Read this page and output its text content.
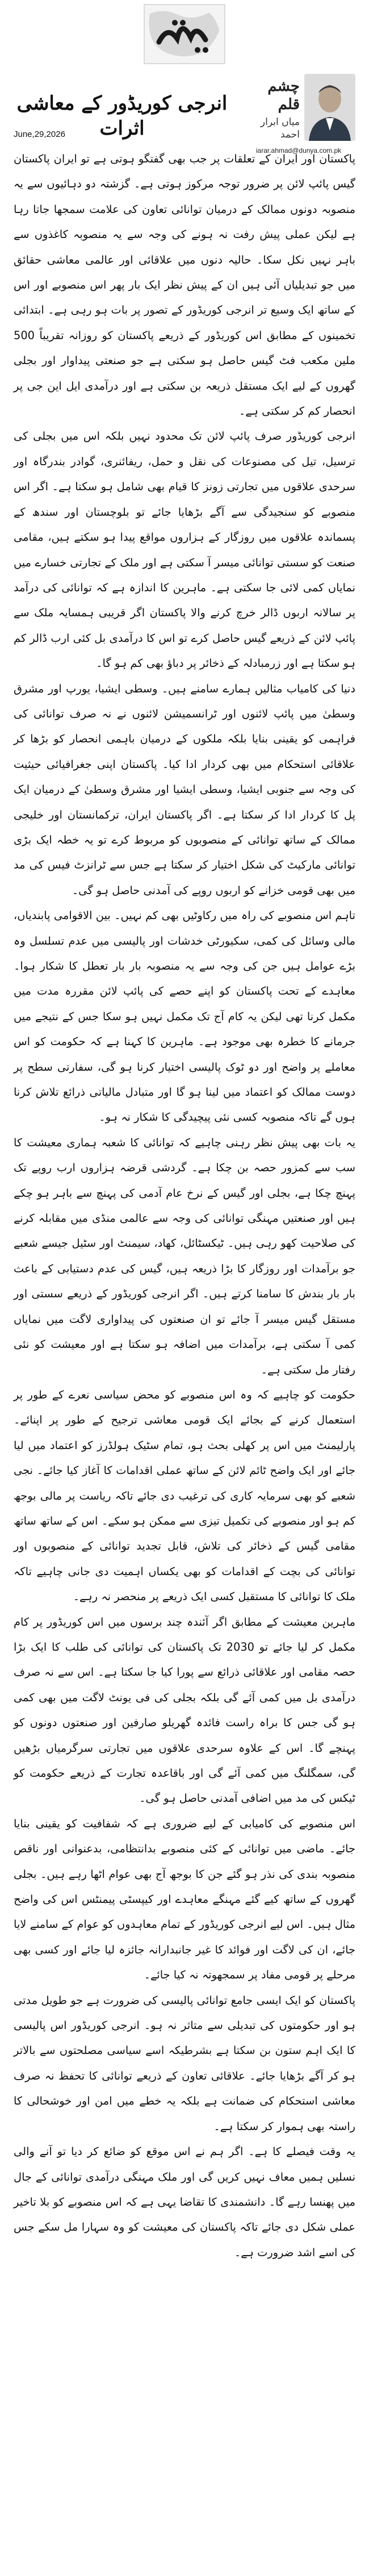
انرجی کوریڈور کے معاشی اثرات
June,29,2026
چشم قلم
میاں ابرار احمد
iarar.ahmad@dunya.com.pk

پاکستان اور ایران کے تعلقات پر جب بھی گفتگو ہوتی ہے تو ایران پاکستان گیس پائپ لائن پر ضرور توجہ مرکوز ہوتی ہے۔ گزشتہ دو دہائیوں سے یہ منصوبہ دونوں ممالک کے درمیان توانائی تعاون کی علامت سمجھا جاتا رہا ہے لیکن عملی پیش رفت نہ ہونے کی وجہ سے یہ منصوبہ کاغذوں سے باہر نہیں نکل سکا۔ حالیہ دنوں میں علاقائی اور عالمی معاشی حقائق میں جو تبدیلیاں آئی ہیں ان کے پیش نظر ایک بار پھر اس منصوبے اور اس کے ساتھ ایک وسیع تر انرجی کوریڈور کے تصور پر بات ہو رہی ہے۔ ابتدائی تخمینوں کے مطابق اس کوریڈور کے ذریعے پاکستان کو روزانہ تقریباً 500 ملین مکعب فٹ گیس حاصل ہو سکتی ہے جو صنعتی پیداوار اور بجلی گھروں کے لیے ایک مستقل ذریعہ بن سکتی ہے اور درآمدی ایل این جی پر انحصار کم کر سکتی ہے۔

انرجی کوریڈور صرف پائپ لائن تک محدود نہیں بلکہ اس میں بجلی کی ترسیل، تیل کی مصنوعات کی نقل و حمل، ریفائنری، گوادر بندرگاہ اور سرحدی علاقوں میں تجارتی زونز کا قیام بھی شامل ہو سکتا ہے۔ اگر اس منصوبے کو سنجیدگی سے آگے بڑھایا جائے تو بلوچستان اور سندھ کے پسماندہ علاقوں میں روزگار کے ہزاروں مواقع پیدا ہو سکتے ہیں، مقامی صنعت کو سستی توانائی میسر آ سکتی ہے اور ملک کے تجارتی خسارے میں نمایاں کمی لائی جا سکتی ہے۔ ماہرین کا اندازہ ہے کہ توانائی کی درآمد پر سالانہ اربوں ڈالر خرچ کرنے والا پاکستان اگر قریبی ہمسایہ ملک سے پائپ لائن کے ذریعے گیس حاصل کرے تو اس کا درآمدی بل کئی ارب ڈالر کم ہو سکتا ہے اور زرمبادلہ کے ذخائر پر دباؤ بھی کم ہو گا۔

دنیا کی کامیاب مثالیں ہمارے سامنے ہیں۔ وسطی ایشیا، یورپ اور مشرق وسطیٰ میں پائپ لائنوں اور ٹرانسمیشن لائنوں نے نہ صرف توانائی کی فراہمی کو یقینی بنایا بلکہ ملکوں کے درمیان باہمی انحصار کو بڑھا کر علاقائی استحکام میں بھی کردار ادا کیا۔ پاکستان اپنی جغرافیائی حیثیت کی وجہ سے جنوبی ایشیا، وسطی ایشیا اور مشرق وسطیٰ کے درمیان ایک پل کا کردار ادا کر سکتا ہے۔ اگر پاکستان ایران، ترکمانستان اور خلیجی ممالک کے ساتھ توانائی کے منصوبوں کو مربوط کرے تو یہ خطہ ایک بڑی توانائی مارکیٹ کی شکل اختیار کر سکتا ہے جس سے ٹرانزٹ فیس کی مد میں بھی قومی خزانے کو اربوں روپے کی آمدنی حاصل ہو گی۔

تاہم اس منصوبے کی راہ میں رکاوٹیں بھی کم نہیں۔ بین الاقوامی پابندیاں، مالی وسائل کی کمی، سکیورٹی خدشات اور پالیسی میں عدم تسلسل وہ بڑے عوامل ہیں جن کی وجہ سے یہ منصوبہ بار بار تعطل کا شکار ہوا۔ معاہدے کے تحت پاکستان کو اپنے حصے کی پائپ لائن مقررہ مدت میں مکمل کرنا تھی لیکن یہ کام آج تک مکمل نہیں ہو سکا جس کے نتیجے میں جرمانے کا خطرہ بھی موجود ہے۔ ماہرین کا کہنا ہے کہ حکومت کو اس معاملے پر واضح اور دو ٹوک پالیسی اختیار کرنا ہو گی، سفارتی سطح پر دوست ممالک کو اعتماد میں لینا ہو گا اور متبادل مالیاتی ذرائع تلاش کرنا ہوں گے تاکہ منصوبہ کسی نئی پیچیدگی کا شکار نہ ہو۔

یہ بات بھی پیش نظر رہنی چاہیے کہ توانائی کا شعبہ ہماری معیشت کا سب سے کمزور حصہ بن چکا ہے۔ گردشی قرضہ ہزاروں ارب روپے تک پہنچ چکا ہے، بجلی اور گیس کے نرخ عام آدمی کی پہنچ سے باہر ہو چکے ہیں اور صنعتیں مہنگی توانائی کی وجہ سے عالمی منڈی میں مقابلہ کرنے کی صلاحیت کھو رہی ہیں۔ ٹیکسٹائل، کھاد، سیمنٹ اور سٹیل جیسے شعبے جو برآمدات اور روزگار کا بڑا ذریعہ ہیں، گیس کی عدم دستیابی کے باعث بار بار بندش کا سامنا کرتے ہیں۔ اگر انرجی کوریڈور کے ذریعے سستی اور مستقل گیس میسر آ جائے تو ان صنعتوں کی پیداواری لاگت میں نمایاں کمی آ سکتی ہے، برآمدات میں اضافہ ہو سکتا ہے اور معیشت کو نئی رفتار مل سکتی ہے۔

حکومت کو چاہیے کہ وہ اس منصوبے کو محض سیاسی نعرے کے طور پر استعمال کرنے کے بجائے ایک قومی معاشی ترجیح کے طور پر اپنائے۔ پارلیمنٹ میں اس پر کھلی بحث ہو، تمام سٹیک ہولڈرز کو اعتماد میں لیا جائے اور ایک واضح ٹائم لائن کے ساتھ عملی اقدامات کا آغاز کیا جائے۔ نجی شعبے کو بھی سرمایہ کاری کی ترغیب دی جائے تاکہ ریاست پر مالی بوجھ کم ہو اور منصوبے کی تکمیل تیزی سے ممکن ہو سکے۔ اس کے ساتھ ساتھ مقامی گیس کے ذخائر کی تلاش، قابل تجدید توانائی کے منصوبوں اور توانائی کی بچت کے اقدامات کو بھی یکساں اہمیت دی جانی چاہیے تاکہ ملک کا توانائی کا مستقبل کسی ایک ذریعے پر منحصر نہ رہے۔

ماہرین معیشت کے مطابق اگر آئندہ چند برسوں میں اس کوریڈور پر کام مکمل کر لیا جائے تو 2030 تک پاکستان کی توانائی کی طلب کا ایک بڑا حصہ مقامی اور علاقائی ذرائع سے پورا کیا جا سکتا ہے۔ اس سے نہ صرف درآمدی بل میں کمی آئے گی بلکہ بجلی کی فی یونٹ لاگت میں بھی کمی ہو گی جس کا براہ راست فائدہ گھریلو صارفین اور صنعتوں دونوں کو پہنچے گا۔ اس کے علاوہ سرحدی علاقوں میں تجارتی سرگرمیاں بڑھیں گی، سمگلنگ میں کمی آئے گی اور باقاعدہ تجارت کے ذریعے حکومت کو ٹیکس کی مد میں اضافی آمدنی حاصل ہو گی۔

اس منصوبے کی کامیابی کے لیے ضروری ہے کہ شفافیت کو یقینی بنایا جائے۔ ماضی میں توانائی کے کئی منصوبے بدانتظامی، بدعنوانی اور ناقص منصوبہ بندی کی نذر ہو گئے جن کا بوجھ آج بھی عوام اٹھا رہے ہیں۔ بجلی گھروں کے ساتھ کیے گئے مہنگے معاہدے اور کیپسٹی پیمنٹس اس کی واضح مثال ہیں۔ اس لیے انرجی کوریڈور کے تمام معاہدوں کو عوام کے سامنے لایا جائے، ان کی لاگت اور فوائد کا غیر جانبدارانہ جائزہ لیا جائے اور کسی بھی مرحلے پر قومی مفاد پر سمجھوتہ نہ کیا جائے۔

پاکستان کو ایک ایسی جامع توانائی پالیسی کی ضرورت ہے جو طویل مدتی ہو اور حکومتوں کی تبدیلی سے متاثر نہ ہو۔ انرجی کوریڈور اس پالیسی کا ایک اہم ستون بن سکتا ہے بشرطیکہ اسے سیاسی مصلحتوں سے بالاتر ہو کر آگے بڑھایا جائے۔ علاقائی تعاون کے ذریعے توانائی کا تحفظ نہ صرف معاشی استحکام کی ضمانت ہے بلکہ یہ خطے میں امن اور خوشحالی کا راستہ بھی ہموار کر سکتا ہے۔

یہ وقت فیصلے کا ہے۔ اگر ہم نے اس موقع کو ضائع کر دیا تو آنے والی نسلیں ہمیں معاف نہیں کریں گی اور ملک مہنگی درآمدی توانائی کے جال میں پھنسا رہے گا۔ دانشمندی کا تقاضا یہی ہے کہ اس منصوبے کو بلا تاخیر عملی شکل دی جائے تاکہ پاکستان کی معیشت کو وہ سہارا مل سکے جس کی اسے اشد ضرورت ہے۔
